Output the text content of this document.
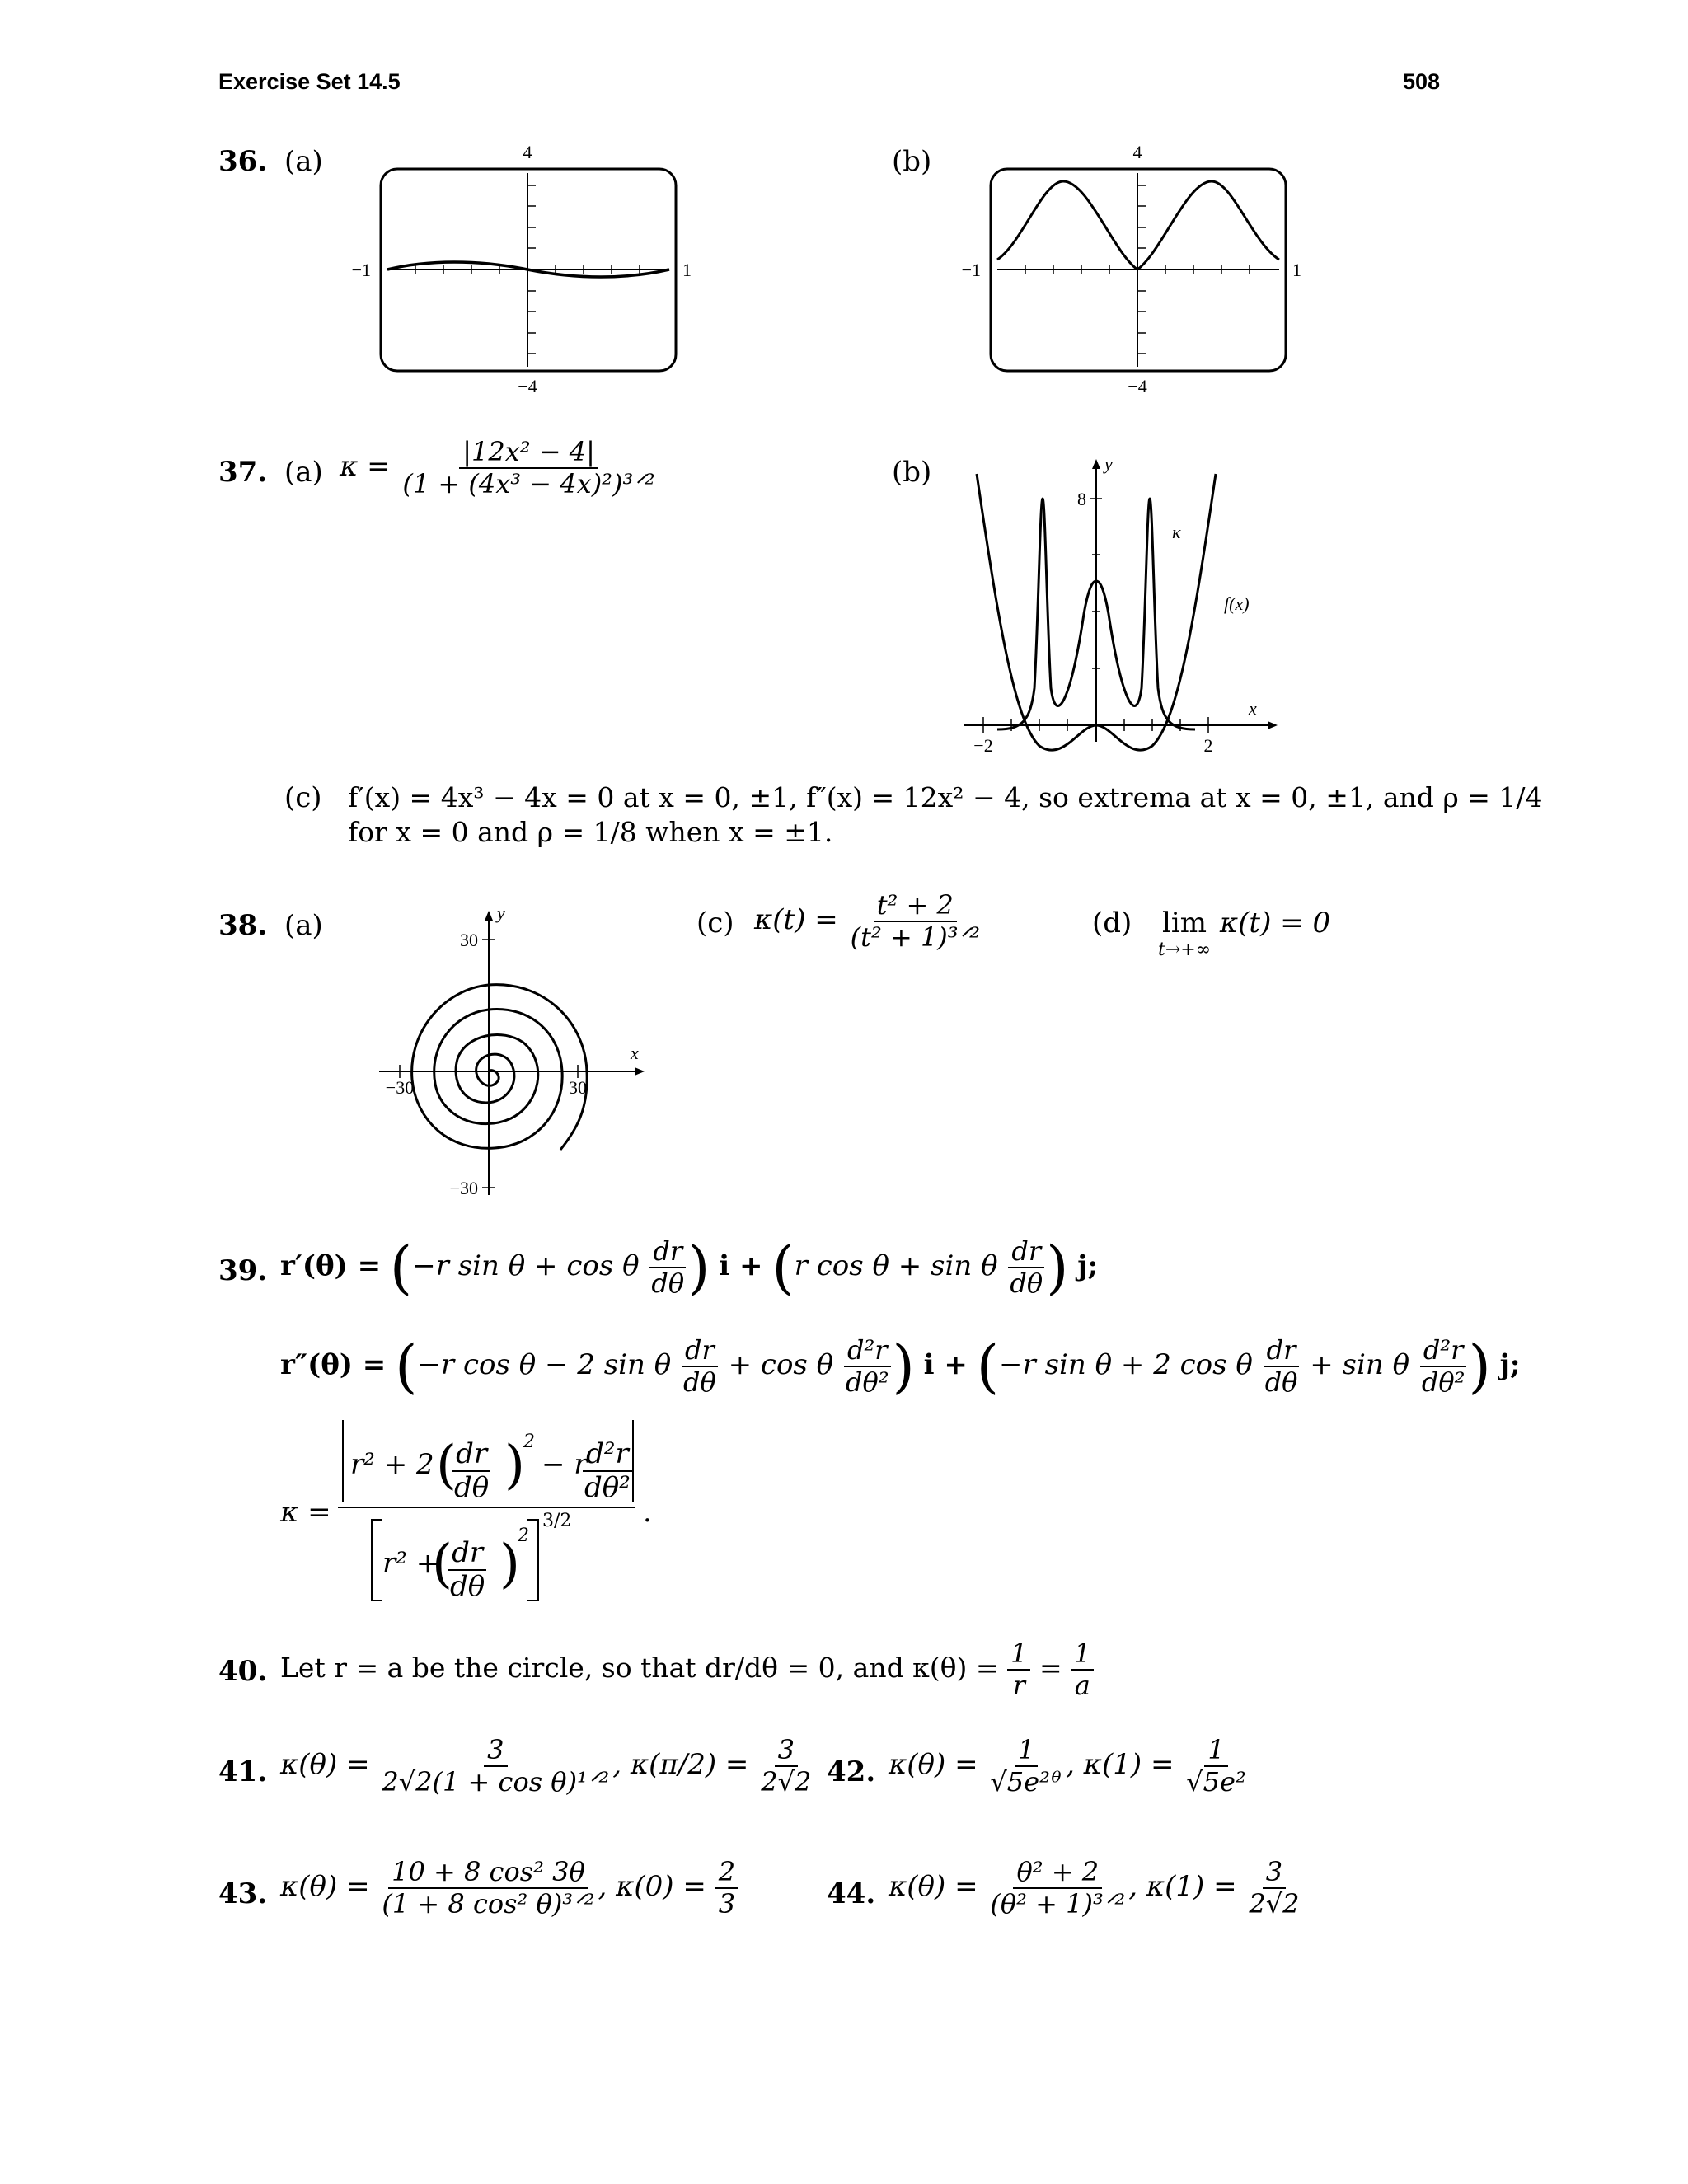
Exercise Set 14.5	508
36. (a)	(b)
4
−4
−1	1
4
−4
−1	1
37. (a) $\kappa = \frac{\text{|12x² − 4|}}{\text{(1 + (4x³ − 4x)²)³ᐟ²}}$	(b)	y
x
8
−2	2
κ
f(x)
(c) f′(x) = 4x³ − 4x = 0 at x = 0, ±1, f″(x) = 12x² − 4, so extrema at x = 0, ±1, and ρ = 1/4
for x = 0 and ρ = 1/8 when x = ±1.
38. (a)	y
x
30
−30
−30	30
(c) $\kappa(t) = \frac{\text{t² + 2}}{\text{(t² + 1)³ᐟ²}}$	(d) lim
t→+∞
κ(t) = 0
39. r′(θ) = (−r sin θ + cos θ $\frac{dr}{d\theta}$ ) i + (r cos θ + sin θ $\frac{dr}{d\theta}$ ) j;
r″(θ) = (−r cos θ − 2 sin θ $\frac{dr}{d\theta} + \cos \theta \frac{\text{d²r}}{\text{dθ²}}$ ) i + (−r sin θ + 2 cos θ $\frac{dr}{d\theta} + \sin \theta \frac{\text{d²r}}{\text{dθ²}}$ ) j;
κ =	.
r² + 2 (
$\frac{dr}{d\theta}$ )
2
− r
$\frac{\text{d²r}}{\text{dθ²}}$
r² +
(
$\frac{dr}{d\theta}$ )
2
3/2
40. Let r = a be the circle, so that dr/dθ = 0, and $\kappa(\theta) = \frac{1}{r} = \frac{1}{a}$
41. $\kappa(\theta) = \frac{3}{\text{2√2(1 + cos θ)¹ᐟ²}}$ , $\kappa(\pi/2) = \frac{3}{2√2} 42$. $\kappa(\theta) = \frac{1}{\text{√5e²ᶿ}}$ , $\kappa(1) = \frac{1}{\text{√5e²}}$
43. $\kappa(\theta) = \frac{\text{10 + 8 cos² 3θ}}{\text{(1 + 8 cos² θ)³ᐟ²}}$ , $\kappa(0) = \frac{2}{3}$	44. $\kappa(\theta) = \frac{\text{θ² + 2}}{\text{(θ² + 1)³ᐟ²}}$ , $\kappa(1) = \frac{3}{2√2}$
